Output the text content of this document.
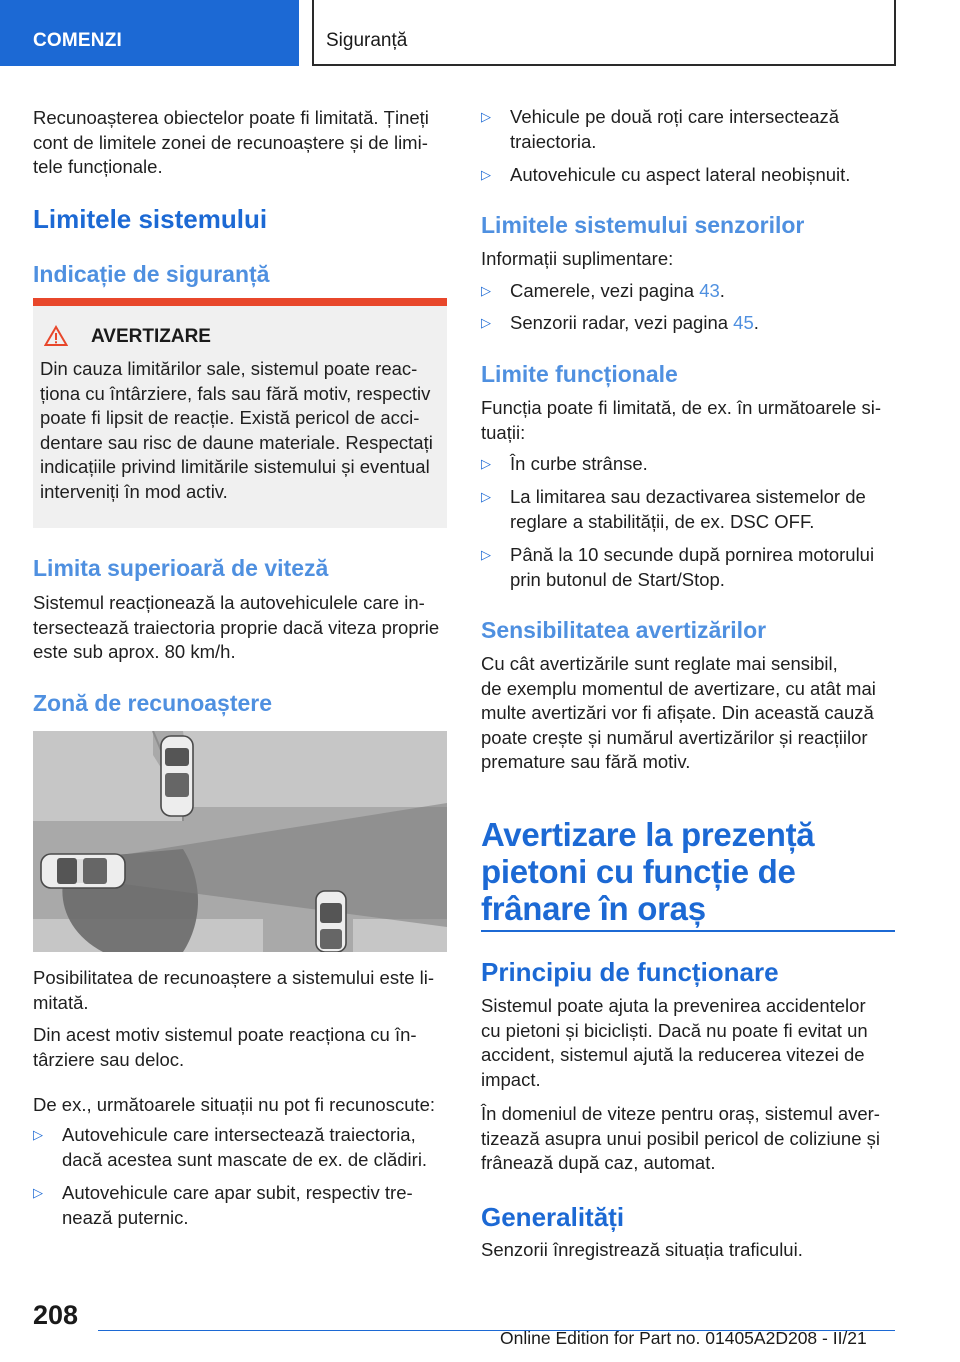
COMENZI	Siguranță

Recunoașterea obiectelor poate fi limitată. Țineți
cont de limitele zonei de recunoaștere și de limi-
tele funcționale.

Limitele sistemului
Indicație de siguranță
AVERTIZARE

Din cauza limitărilor sale, sistemul poate reac-
ționa cu întârziere, fals sau fără motiv, respectiv
poate fi lipsit de reacție. Există pericol de acci-
dentare sau risc de daune materiale. Respectați
indicațiile privind limitările sistemului și eventual
interveniți în mod activ.

Limita superioară de viteză

Sistemul reacționează la autovehiculele care in-
tersectează traiectoria proprie dacă viteza proprie
este sub aprox. 80 km/h.

Zonă de recunoaștere

Posibilitatea de recunoaștere a sistemului este li-
mitată.

Din acest motiv sistemul poate reacționa cu în-
târziere sau deloc.

De ex., următoarele situații nu pot fi recunoscute:

▷ Autovehicule care intersectează traiectoria,
dacă acestea sunt mascate de ex. de clădiri.
▷ Autovehicule care apar subit, respectiv tre-
nează puternic.
▷ Vehicule pe două roți care intersectează
traiectoria.
▷ Autovehicule cu aspect lateral neobișnuit.
Limitele sistemului senzorilor

Informații suplimentare:

▷ Camerele, vezi pagina 43.
▷ Senzorii radar, vezi pagina 45.
Limite funcționale

Funcția poate fi limitată, de ex. în următoarele si-
tuații:

▷ În curbe strânse.
▷ La limitarea sau dezactivarea sistemelor de
reglare a stabilității, de ex. DSC OFF.
▷ Până la 10 secunde după pornirea motorului
prin butonul de Start/Stop.
Sensibilitatea avertizărilor

Cu cât avertizările sunt reglate mai sensibil,
de exemplu momentul de avertizare, cu atât mai
multe avertizări vor fi afișate. Din această cauză
poate crește și numărul avertizărilor și reacțiilor
premature sau fără motiv.

Avertizare la prezență
pietoni cu funcție de
frânare în oraș
Principiu de funcționare

Sistemul poate ajuta la prevenirea accidentelor
cu pietoni și bicicliști. Dacă nu poate fi evitat un
accident, sistemul ajută la reducerea vitezei de
impact.

În domeniul de viteze pentru oraș, sistemul aver-
tizează asupra unui posibil pericol de coliziune și
frânează după caz, automat.

Generalități

Senzorii înregistrează situația traficului.

208
Online Edition for Part no. 01405A2D208 - II/21
